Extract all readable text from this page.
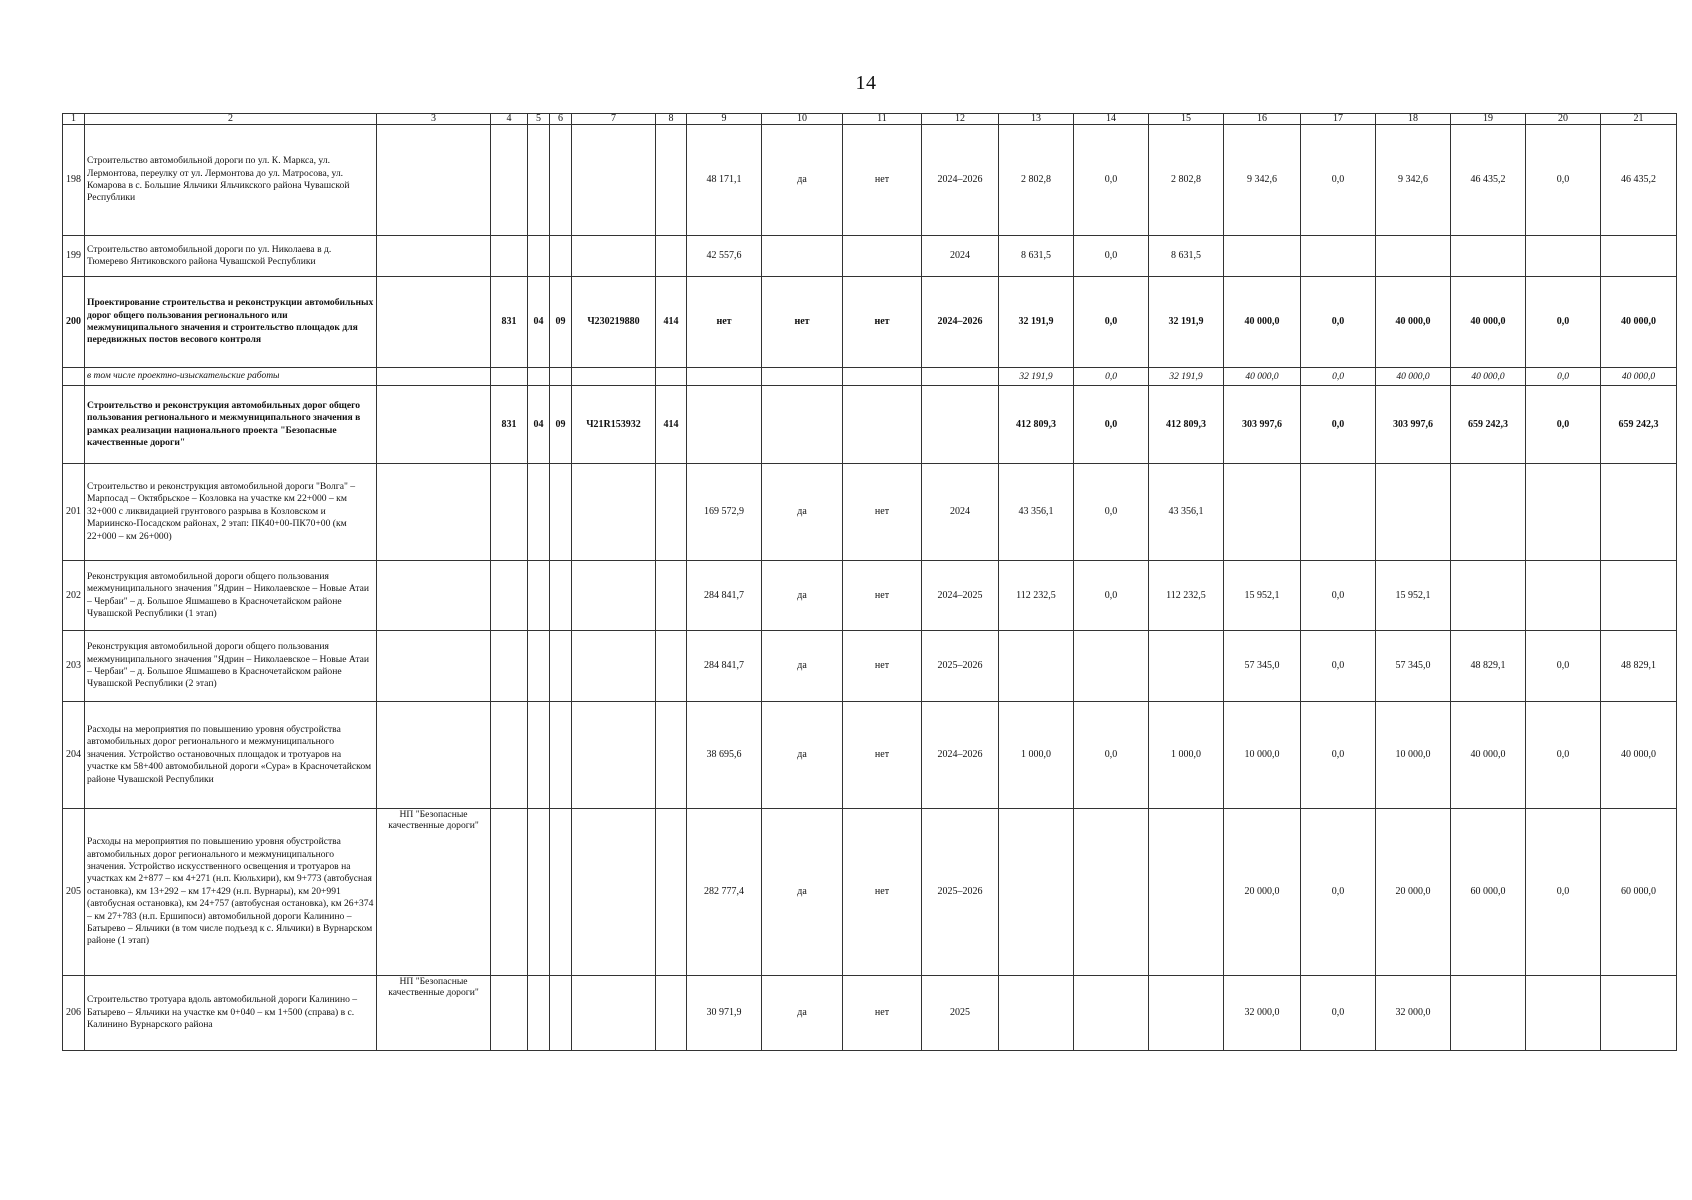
14
1	2	3	4	5	6	7	8	9	10	11	12	13	14	15	16	17	18	19	20	21
198	Строительство автомобильной дороги по ул. К. Маркса, ул. Лермонтова, переулку от ул. Лермонтова до ул. Матросова, ул. Комарова в с. Большие Яльчики Яльчикского района Чувашской Республики							48 171,1	да	нет	2024–2026	2 802,8	0,0	2 802,8	9 342,6	0,0	9 342,6	46 435,2	0,0	46 435,2
199	Строительство автомобильной дороги по ул. Николаева в д. Тюмерево Янтиковского района Чувашской Республики							42 557,6			2024	8 631,5	0,0	8 631,5						
200	Проектирование строительства и реконструкции автомобильных дорог общего пользования регионального или межмуниципального значения и строительство площадок для передвижных постов весового контроля		831	04	09	Ч230219880	414	нет	нет	нет	2024–2026	32 191,9	0,0	32 191,9	40 000,0	0,0	40 000,0	40 000,0	0,0	40 000,0
	в том числе проектно-изыскательские работы											32 191,9	0,0	32 191,9	40 000,0	0,0	40 000,0	40 000,0	0,0	40 000,0
	Строительство и реконструкция автомобильных дорог общего пользования регионального и межмуниципального значения в рамках реализации национального проекта "Безопасные качественные дороги"		831	04	09	Ч21R153932	414					412 809,3	0,0	412 809,3	303 997,6	0,0	303 997,6	659 242,3	0,0	659 242,3
201	Строительство и реконструкция автомобильной дороги "Волга" – Марпосад – Октябрьское – Козловка на участке км 22+000 – км 32+000 с ликвидацией грунтового разрыва в Козловском и Мариинско-Посадском районах, 2 этап: ПК40+00-ПК70+00 (км 22+000 – км 26+000)							169 572,9	да	нет	2024	43 356,1	0,0	43 356,1						
202	Реконструкция автомобильной дороги общего пользования межмуниципального значения "Ядрин – Николаевское – Новые Атаи – Чербаи" – д. Большое Яшмашево в Красночетайском районе Чувашской Республики (1 этап)							284 841,7	да	нет	2024–2025	112 232,5	0,0	112 232,5	15 952,1	0,0	15 952,1			
203	Реконструкция автомобильной дороги общего пользования межмуниципального значения "Ядрин – Николаевское – Новые Атаи – Чербаи" – д. Большое Яшмашево в Красночетайском районе Чувашской Республики (2 этап)							284 841,7	да	нет	2025–2026				57 345,0	0,0	57 345,0	48 829,1	0,0	48 829,1
204	Расходы на мероприятия по повышению уровня обустройства автомобильных дорог регионального и межмуниципального значения. Устройство остановочных площадок и тротуаров на участке км 58+400 автомобильной дороги «Сура» в Красночетайском районе Чувашской Республики							38 695,6	да	нет	2024–2026	1 000,0	0,0	1 000,0	10 000,0	0,0	10 000,0	40 000,0	0,0	40 000,0
205	Расходы на мероприятия по повышению уровня обустройства автомобильных дорог регионального и межмуниципального значения. Устройство искусственного освещения и тротуаров на участках км 2+877 – км 4+271 (н.п. Кюльхири), км 9+773 (автобусная остановка), км 13+292 – км 17+429 (н.п. Вурнары), км 20+991 (автобусная остановка), км 24+757 (автобусная остановка), км 26+374 – км 27+783 (н.п. Ершипоси) автомобильной дороги Калинино – Батырево – Яльчики (в том числе подъезд к с. Яльчики) в Вурнарском районе (1 этап)	НП "Безопасные качественные дороги"						282 777,4	да	нет	2025–2026				20 000,0	0,0	20 000,0	60 000,0	0,0	60 000,0
206	Строительство тротуара вдоль автомобильной дороги Калинино – Батырево – Яльчики на участке км 0+040 – км 1+500 (справа) в с. Калинино Вурнарского района	НП "Безопасные качественные дороги"						30 971,9	да	нет	2025				32 000,0	0,0	32 000,0			
